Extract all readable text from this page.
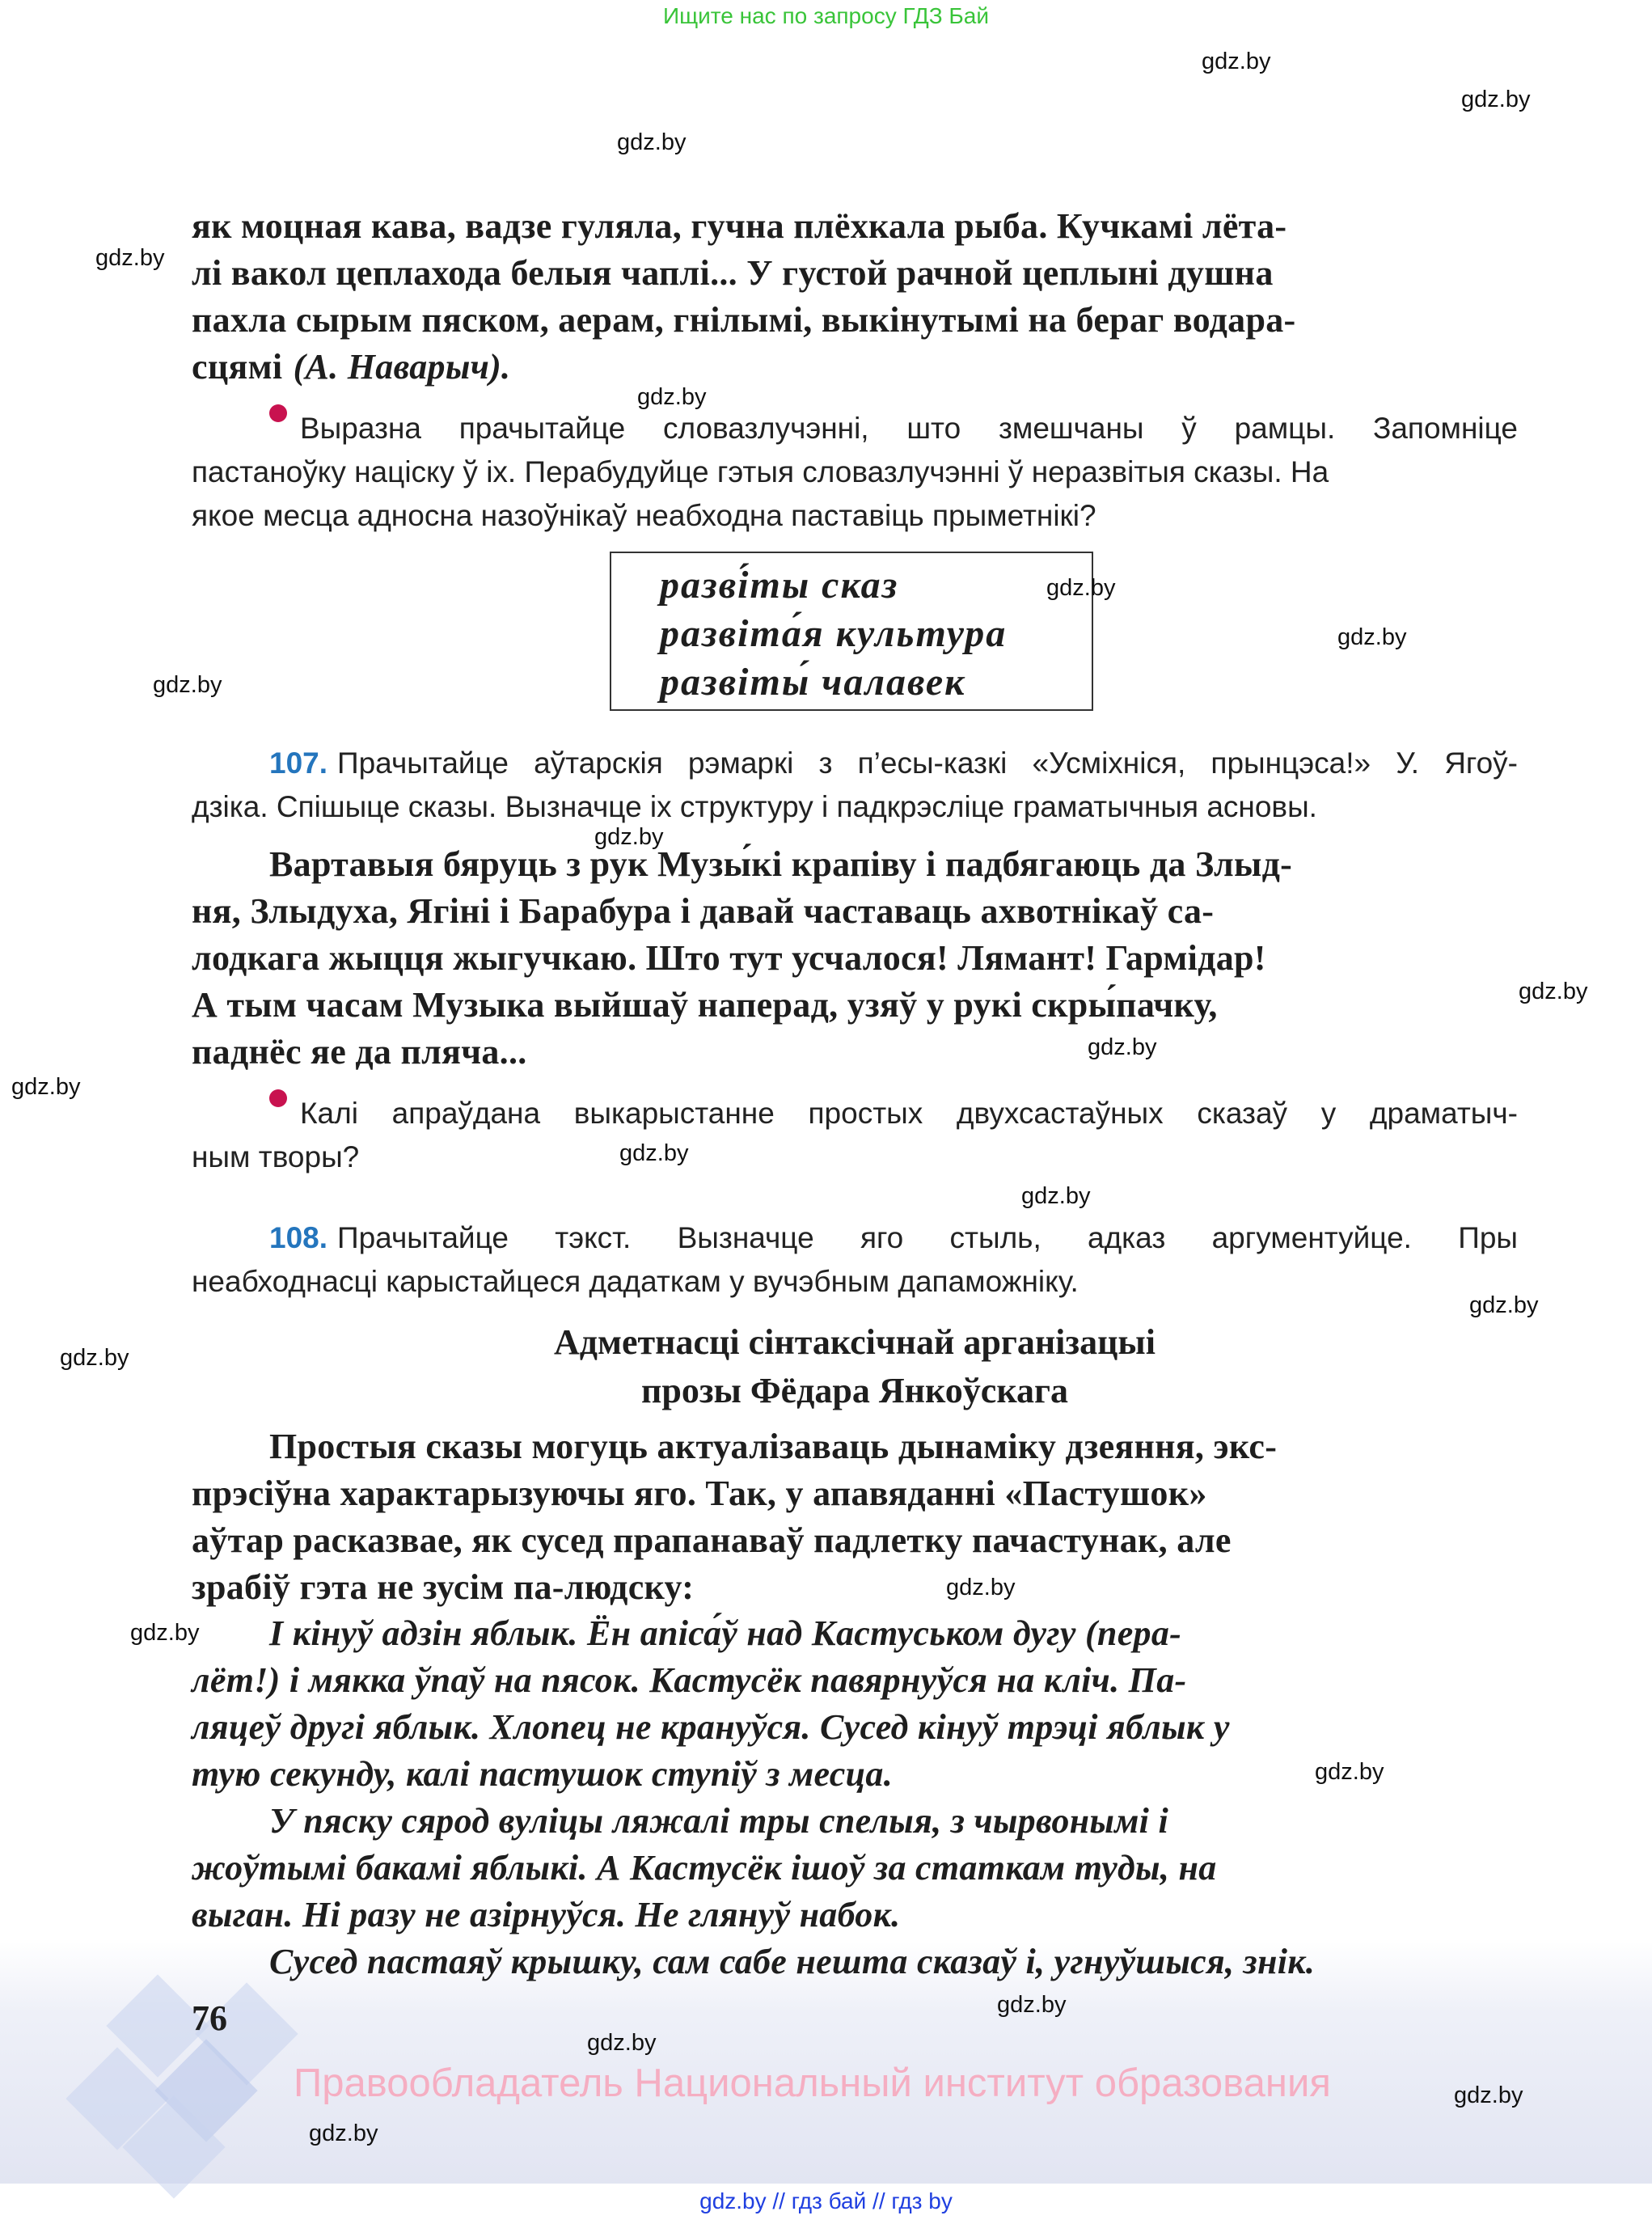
Ищите нас по запросу ГДЗ Бай
як моцная кава, вадзе гуляла, гучна плёхкала рыба. Кучкамі лёта-
лі вакол цеплахода белыя чаплі... У густой рачной цеплыні душна
пахла сырым пяском, аерам, гнілымі, выкінутымі на бераг водара-
сцямі (А. Наварыч).
Выразна прачытайце словазлучэнні, што змешчаны ў рамцы. Запомніце
пастаноўку націску ў іх. Перабудуйце гэтыя словазлучэнні ў неразвітыя сказы. На
якое месца адносна назоўнікаў неабходна паставіць прыметнікі?
разві́ты сказ
развіта́я культура
развіты́ чалавек
107. Прачытайце аўтарскія рэмаркі з п’есы-казкі «Усміхніся, прынцэса!» У. Ягоў-
дзіка. Спішыце сказы. Вызначце іх структуру і падкрэсліце граматычныя асновы.
Вартавыя бяруць з рук Музы́кі крапіву і падбягаюць да Злыд-
ня, Злыдуха, Ягіні і Барабура і давай частаваць ахвотнікаў са-
лодкага жыцця жыгучкаю. Што тут усчалося! Лямант! Гармідар!
А тым часам Музыка выйшаў наперад, узяў у рукі скры́пачку,
паднёс яе да пляча...
Калі апраўдана выкарыстанне простых двухсастаўных сказаў у драматыч-
ным творы?
108. Прачытайце тэкст. Вызначце яго стыль, адказ аргументуйце. Пры
неабходнасці карыстайцеся дадаткам у вучэбным дапаможніку.
Адметнасці сінтаксічнай арганізацыі
прозы Фёдара Янкоўскага
Простыя сказы могуць актуалізаваць дынаміку дзеяння, экс-
прэсіўна характарызуючы яго. Так, у апавяданні «Пастушок»
аўтар расказвае, як сусед прапанаваў падлетку пачастунак, але
зрабіў гэта не зусім па-людску:
І кінуў адзін яблык. Ён апіса́ў над Кастуськом дугу (пера-
лёт!) і мякка ўпаў на пясок. Кастусёк павярнуўся на кліч. Па-
ляцеў другі яблык. Хлопец не крануўся. Сусед кінуў трэці яблык у
тую секунду, калі пастушок ступіў з месца.
У пяску сярод вуліцы ляжалі тры спелыя, з чырвонымі і
жоўтымі бакамі яблыкі. А Кастусёк ішоў за статкам туды, на
выган. Ні разу не азірнуўся. Не глянуў набок.
Сусед пастаяў крышку, сам сабе нешта сказаў і, угнуўшыся, знік.
76
Правообладатель Национальный институт образования
gdz.by // гдз бай // гдз by
gdz.by
gdz.by
gdz.by
gdz.by
gdz.by
gdz.by
gdz.by
gdz.by
gdz.by
gdz.by
gdz.by
gdz.by
gdz.by
gdz.by
gdz.by
gdz.by
gdz.by
gdz.by
gdz.by
gdz.by
gdz.by
gdz.by
gdz.by
